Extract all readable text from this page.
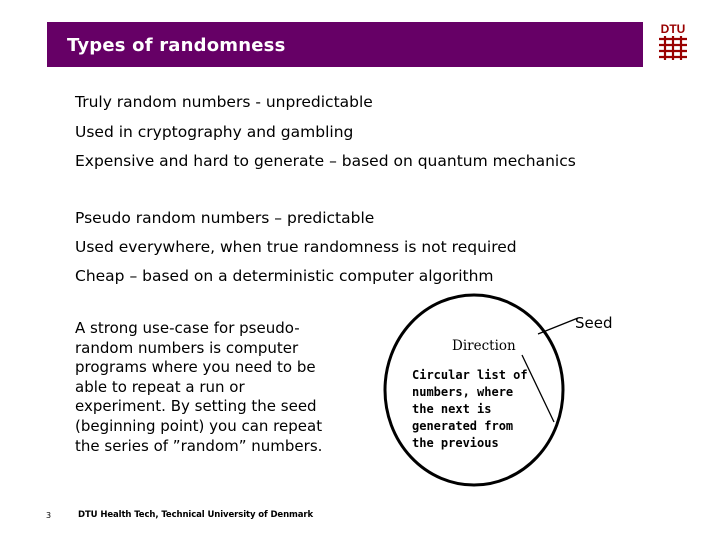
Types of randomness
DTU
Truly random numbers - unpredictable
Used in cryptography and gambling
Expensive and hard to generate – based on quantum mechanics
Pseudo random numbers – predictable
Used everywhere, when true randomness is not required
Cheap – based on a deterministic computer algorithm
A strong use-case for pseudo-random numbers is computer programs where you need to be able to repeat a run or experiment. By setting the seed (beginning point) you can repeat the series of ”random” numbers.
Direction
Circular list of numbers, where the next is generated from the previous
Seed
3	DTU Health Tech, Technical University of Denmark
